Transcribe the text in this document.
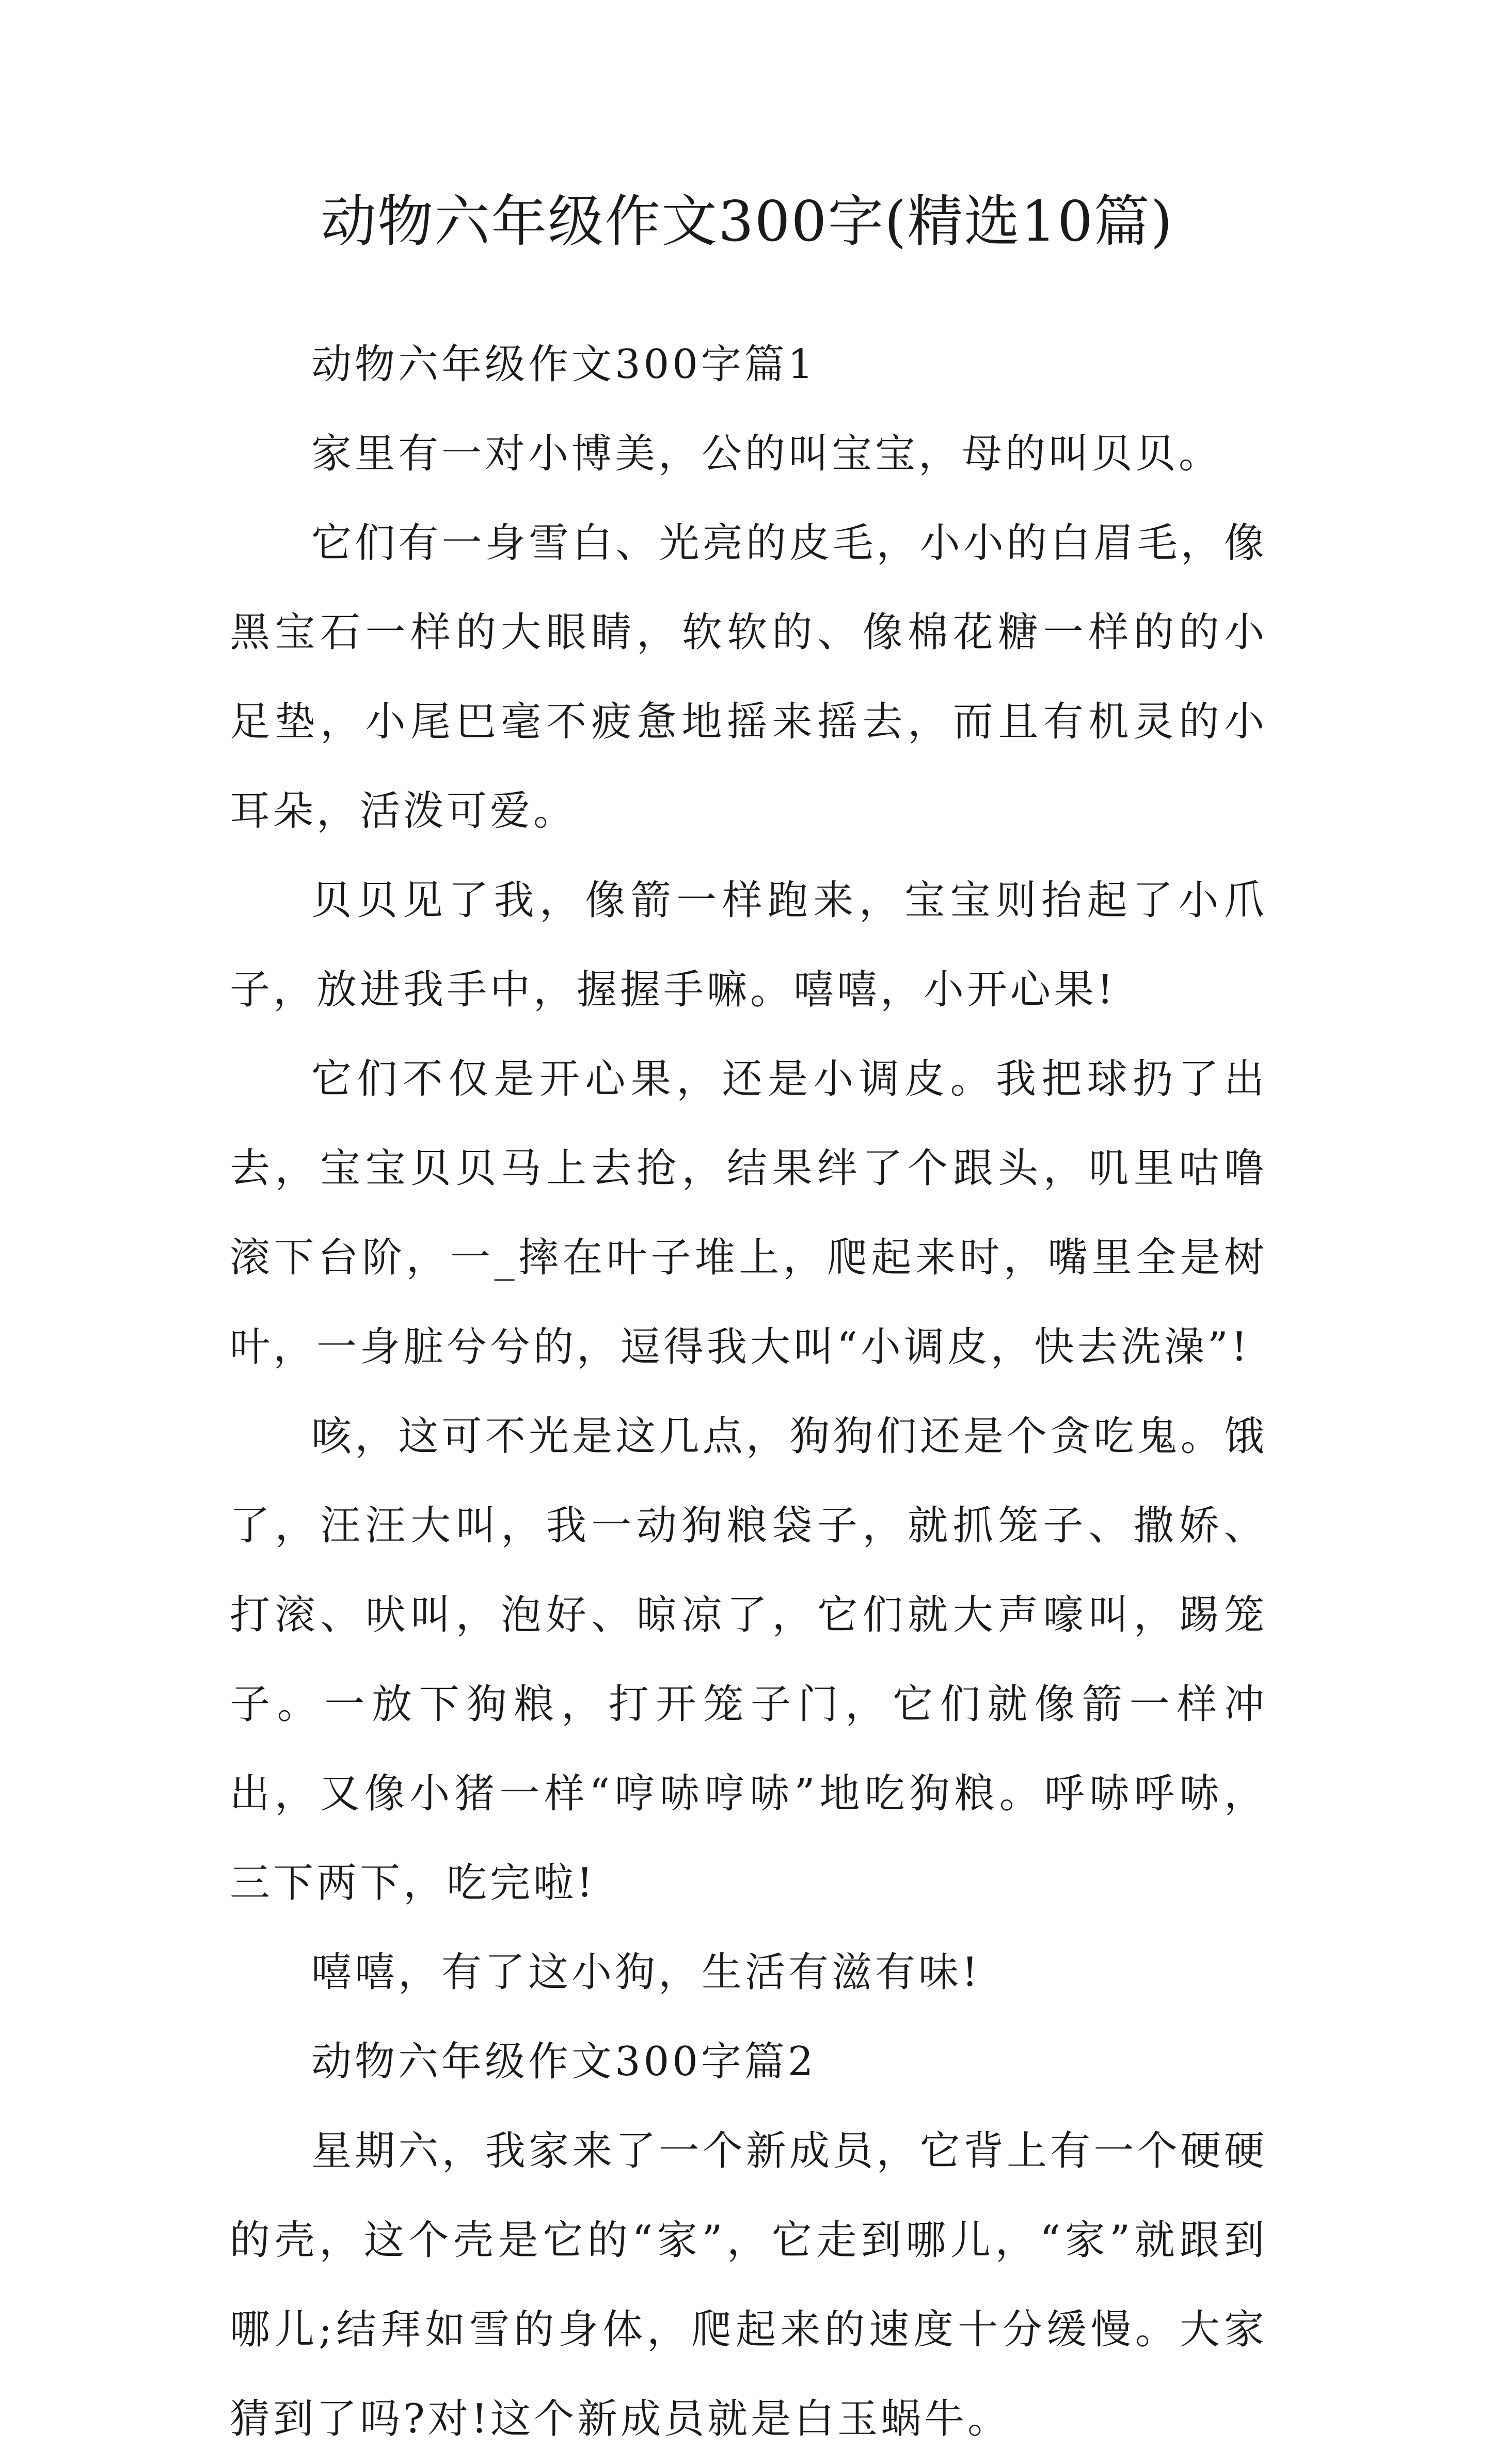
动物六年级作文300字(精选10篇)

动物六年级作文300字篇1

家里有一对小博美，公的叫宝宝，母的叫贝贝。

它们有一身雪白、光亮的皮毛，小小的白眉毛，像黑宝石一样的大眼睛，软软的、像棉花糖一样的的小足垫，小尾巴毫不疲惫地摇来摇去，而且有机灵的小耳朵，活泼可爱。

贝贝见了我，像箭一样跑来，宝宝则抬起了小爪子，放进我手中，握握手嘛。嘻嘻，小开心果!

它们不仅是开心果，还是小调皮。我把球扔了出去，宝宝贝贝马上去抢，结果绊了个跟头，叽里咕噜滚下台阶，一_摔在叶子堆上，爬起来时，嘴里全是树叶，一身脏兮兮的，逗得我大叫“小调皮，快去洗澡”!

咳，这可不光是这几点，狗狗们还是个贪吃鬼。饿了，汪汪大叫，我一动狗粮袋子，就抓笼子、撒娇、打滚、吠叫，泡好、晾凉了，它们就大声嚎叫，踢笼子。一放下狗粮，打开笼子门，它们就像箭一样冲出，又像小猪一样“哼哧哼哧”地吃狗粮。呼哧呼哧，三下两下，吃完啦!

嘻嘻，有了这小狗，生活有滋有味!

动物六年级作文300字篇2

星期六，我家来了一个新成员，它背上有一个硬硬的壳，这个壳是它的“家”，它走到哪儿，“家”就跟到哪儿;结拜如雪的身体，爬起来的速度十分缓慢。大家猜到了吗?对!这个新成员就是白玉蜗牛。
